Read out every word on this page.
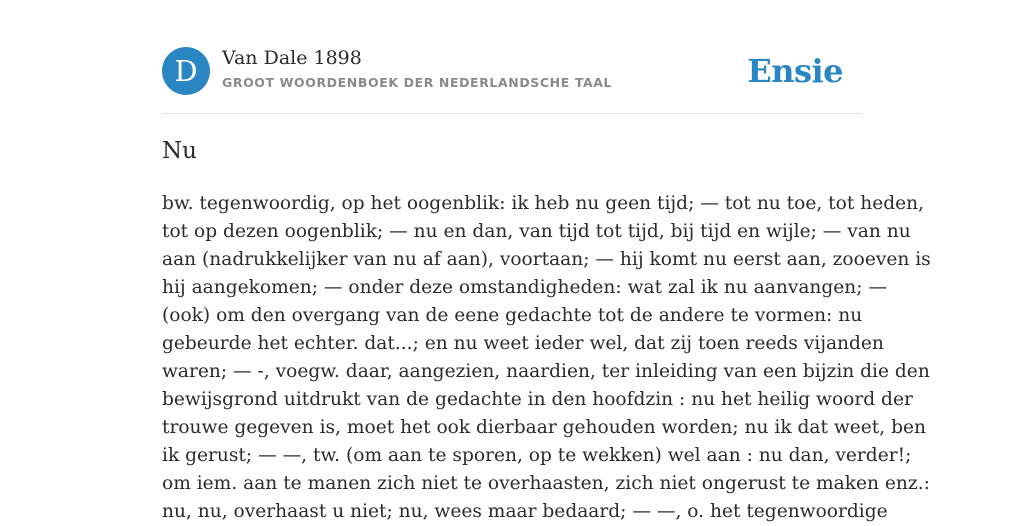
D	Van Dale 1898
GROOT WOORDENBOEK DER NEDERLANDSCHE TAAL	Ensie
Nu

bw. tegenwoordig, op het oogenblik: ik heb nu geen tijd; — tot nu toe, tot heden,
tot op dezen oogenblik; — nu en dan, van tijd tot tijd, bij tijd en wijle; — van nu
aan (nadrukkelijker van nu af aan), voortaan; — hij komt nu eerst aan, zooeven is
hij aangekomen; — onder deze omstandigheden: wat zal ik nu aanvangen; —
(ook) om den overgang van de eene gedachte tot de andere te vormen: nu
gebeurde het echter. dat...; en nu weet ieder wel, dat zij toen reeds vijanden
waren; — -, voegw. daar, aangezien, naardien, ter inleiding van een bijzin die den
bewijsgrond uitdrukt van de gedachte in den hoofdzin : nu het heilig woord der
trouwe gegeven is, moet het ook dierbaar gehouden worden; nu ik dat weet, ben
ik gerust; — —, tw. (om aan te sporen, op te wekken) wel aan : nu dan, verder!;
om iem. aan te manen zich niet te overhaasten, zich niet ongerust te maken enz.:
nu, nu, overhaast u niet; nu, wees maar bedaard; — —, o. het tegenwoordige
